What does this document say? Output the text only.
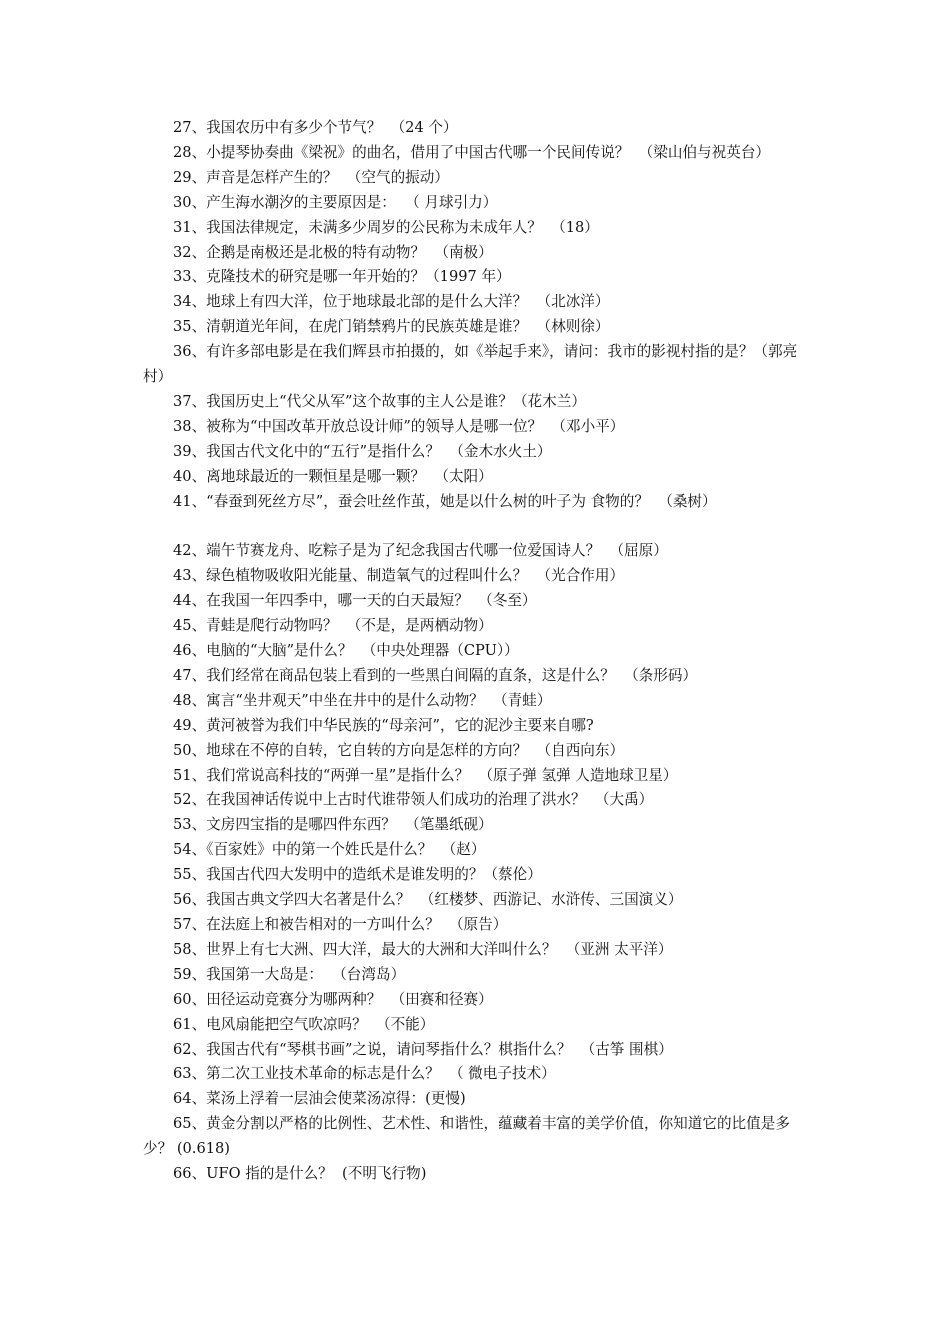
27、我国农历中有多少个节气？  （24 个）

28、小提琴协奏曲《梁祝》的曲名，借用了中国古代哪一个民间传说？  （梁山伯与祝英台）

29、声音是怎样产生的？  （空气的振动）

30、产生海水潮汐的主要原因是：  （ 月球引力）

31、我国法律规定，未满多少周岁的公民称为未成年人？  （18）

32、企鹅是南极还是北极的特有动物？  （南极）

33、克隆技术的研究是哪一年开始的？（1997 年）

34、地球上有四大洋，位于地球最北部的是什么大洋？  （北冰洋）

35、清朝道光年间，在虎门销禁鸦片的民族英雄是谁？  （林则徐）

36、有许多部电影是在我们辉县市拍摄的，如《举起手来》，请问：我市的影视村指的是？（郭亮村）

37、我国历史上“代父从军”这个故事的主人公是谁？（花木兰）

38、被称为“中国改革开放总设计师”的领导人是哪一位？  （邓小平）

39、我国古代文化中的“五行”是指什么？  （金木水火土）

40、离地球最近的一颗恒星是哪一颗？  （太阳）

41、“春蚕到死丝方尽”，蚕会吐丝作茧，她是以什么树的叶子为 食物的？  （桑树）

42、端午节赛龙舟、吃粽子是为了纪念我国古代哪一位爱国诗人？  （屈原）

43、绿色植物吸收阳光能量、制造氧气的过程叫什么？  （光合作用）

44、在我国一年四季中，哪一天的白天最短？  （冬至）

45、青蛙是爬行动物吗？  （不是，是两栖动物）

46、电脑的“大脑”是什么？  （中央处理器（CPU））

47、我们经常在商品包装上看到的一些黑白间隔的直条，这是什么？  （条形码）

48、寓言“坐井观天”中坐在井中的是什么动物？  （青蛙）

49、黄河被誉为我们中华民族的“母亲河”，它的泥沙主要来自哪?

50、地球在不停的自转，它自转的方向是怎样的方向？  （自西向东）

51、我们常说高科技的“两弹一星”是指什么？  （原子弹 氢弹 人造地球卫星）

52、在我国神话传说中上古时代谁带领人们成功的治理了洪水？  （大禹）

53、文房四宝指的是哪四件东西？  （笔墨纸砚）

54、《百家姓》中的第一个姓氏是什么？  （赵）

55、我国古代四大发明中的造纸术是谁发明的？（蔡伦）

56、我国古典文学四大名著是什么？  （红楼梦、西游记、水浒传、三国演义）

57、在法庭上和被告相对的一方叫什么？  （原告）

58、世界上有七大洲、四大洋，最大的大洲和大洋叫什么？  （亚洲 太平洋）

59、我国第一大岛是：  （台湾岛）

60、田径运动竞赛分为哪两种？  （田赛和径赛）

61、电风扇能把空气吹凉吗？  （不能）

62、我国古代有“琴棋书画”之说，请问琴指什么？棋指什么？  （古筝 围棋）

63、第二次工业技术革命的标志是什么？  （ 微电子技术）

64、菜汤上浮着一层油会使菜汤凉得：(更慢)

65、黄金分割以严格的比例性、艺术性、和谐性，蕴藏着丰富的美学价值，你知道它的比值是多少？ (0.618)

66、UFO 指的是什么？  (不明飞行物)
